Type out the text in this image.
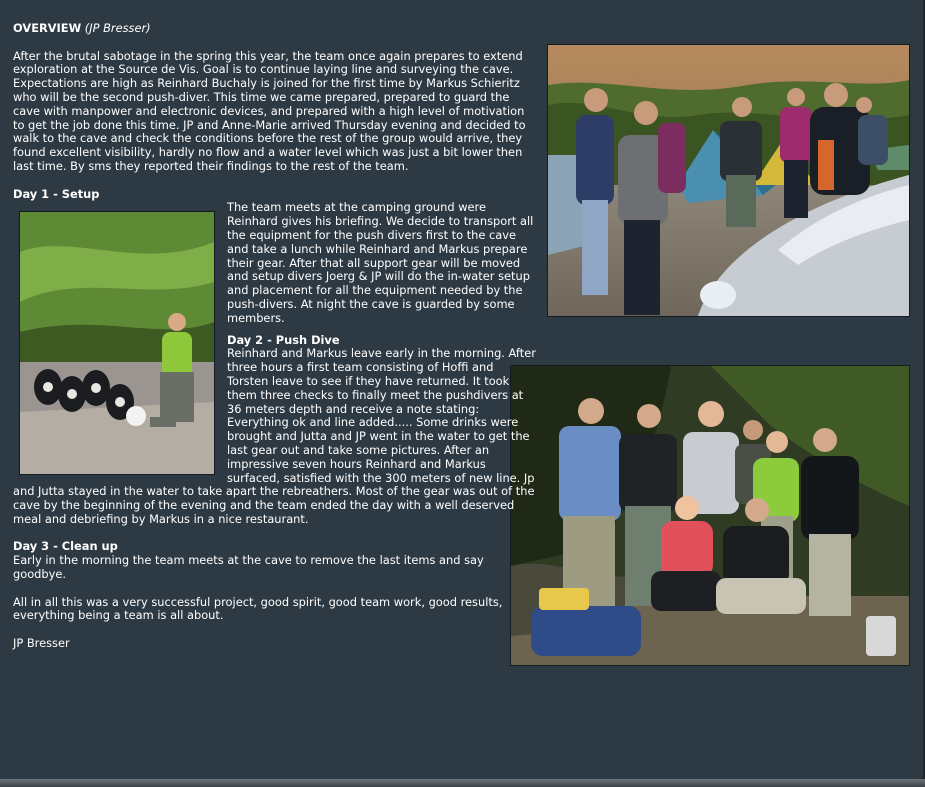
OVERVIEW (JP Bresser)

After the brutal sabotage in the spring this year, the team once again prepares to extend exploration at the Source de Vis. Goal is to continue laying line and surveying the cave. Expectations are high as Reinhard Buchaly is joined for the first time by Markus Schieritz who will be the second push-diver. This time we came prepared, prepared to guard the cave with manpower and electronic devices, and prepared with a high level of motivation to get the job done this time. JP and Anne-Marie arrived Thursday evening and decided to walk to the cave and check the conditions before the rest of the group would arrive, they found excellent visibility, hardly no flow and a water level which was just a bit lower then last time. By sms they reported their findings to the rest of the team.

Day 1 - Setup

The team meets at the camping ground were Reinhard gives his briefing. We decide to transport all the equipment for the push divers first to the cave and take a lunch while Reinhard and Markus prepare their gear. After that all support gear will be moved and setup divers Joerg & JP will do the in-water setup and placement for all the equipment needed by the push-divers. At night the cave is guarded by some members.

Day 2 - Push Dive

Reinhard and Markus leave early in the morning. After three hours a first team consisting of Hoffi and Torsten leave to see if they have returned. It took them three checks to finally meet the pushdivers at 36 meters depth and receive a note stating: Everything ok and line added..... Some drinks were brought and Jutta and JP went in the water to get the last gear out and take some pictures. After an impressive seven hours Reinhard and Markus surfaced, satisfied with the 300 meters of new line. Jp and Jutta stayed in the water to take apart the rebreathers. Most of the gear was out of the cave by the beginning of the evening and the team ended the day with a well deserved meal and debriefing by Markus in a nice restaurant.

Day 3 - Clean up

Early in the morning the team meets at the cave to remove the last items and say goodbye.

All in all this was a very successful project, good spirit, good team work, good results, everything being a team is all about.

JP Bresser
